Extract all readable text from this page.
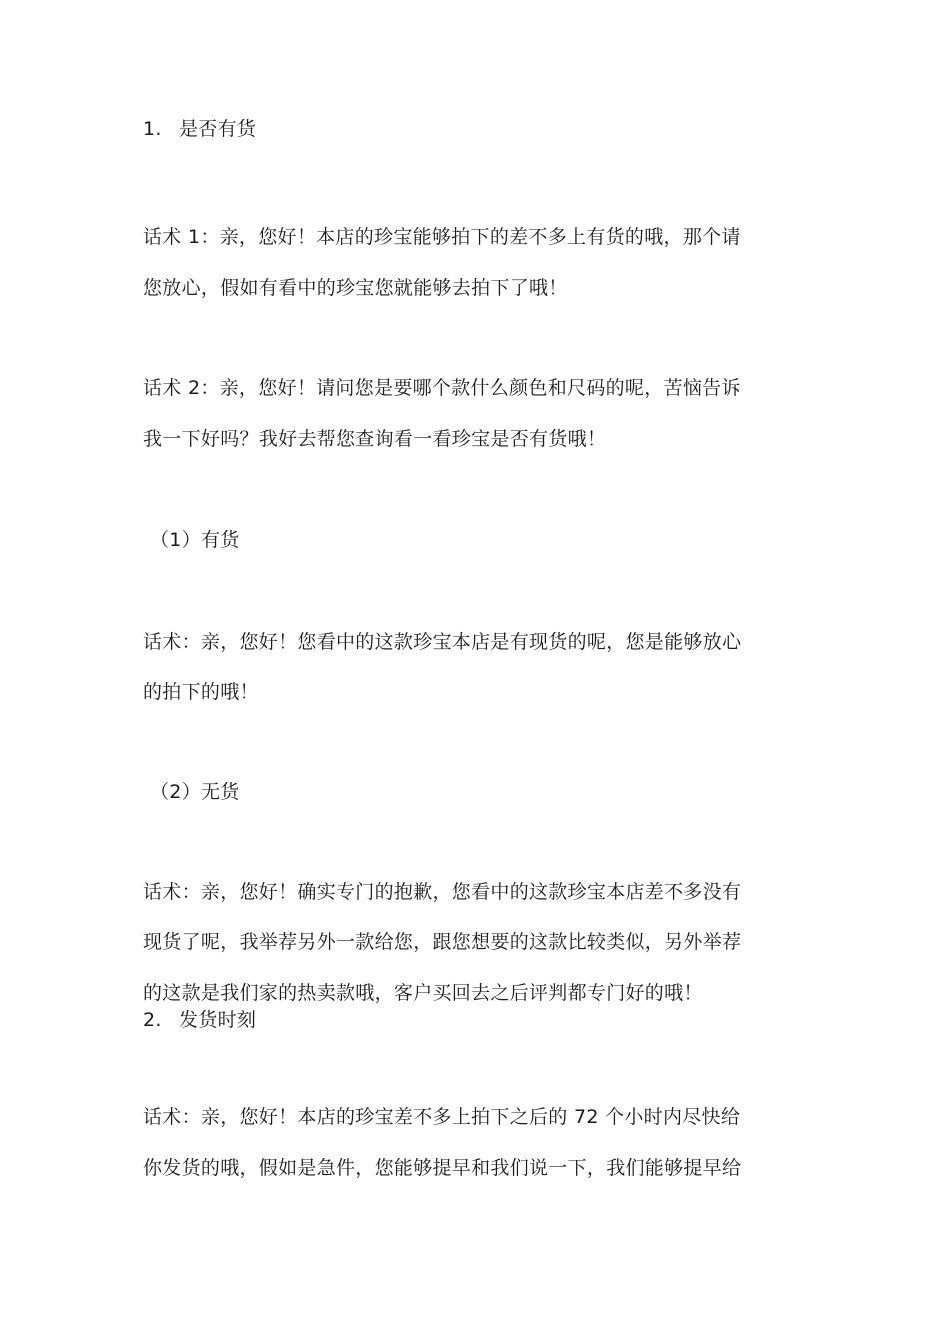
1. 是否有货
话术 1：亲，您好！本店的珍宝能够拍下的差不多上有货的哦，那个请
您放心，假如有看中的珍宝您就能够去拍下了哦！
话术 2：亲，您好！请问您是要哪个款什么颜色和尺码的呢，苦恼告诉
我一下好吗？我好去帮您查询看一看珍宝是否有货哦！
（1）有货
话术：亲，您好！您看中的这款珍宝本店是有现货的呢，您是能够放心
的拍下的哦！
（2）无货
话术：亲，您好！确实专门的抱歉，您看中的这款珍宝本店差不多没有
现货了呢，我举荐另外一款给您，跟您想要的这款比较类似，另外举荐
的这款是我们家的热卖款哦，客户买回去之后评判都专门好的哦！
2. 发货时刻
话术：亲，您好！本店的珍宝差不多上拍下之后的 72 个小时内尽快给
你发货的哦，假如是急件，您能够提早和我们说一下，我们能够提早给
